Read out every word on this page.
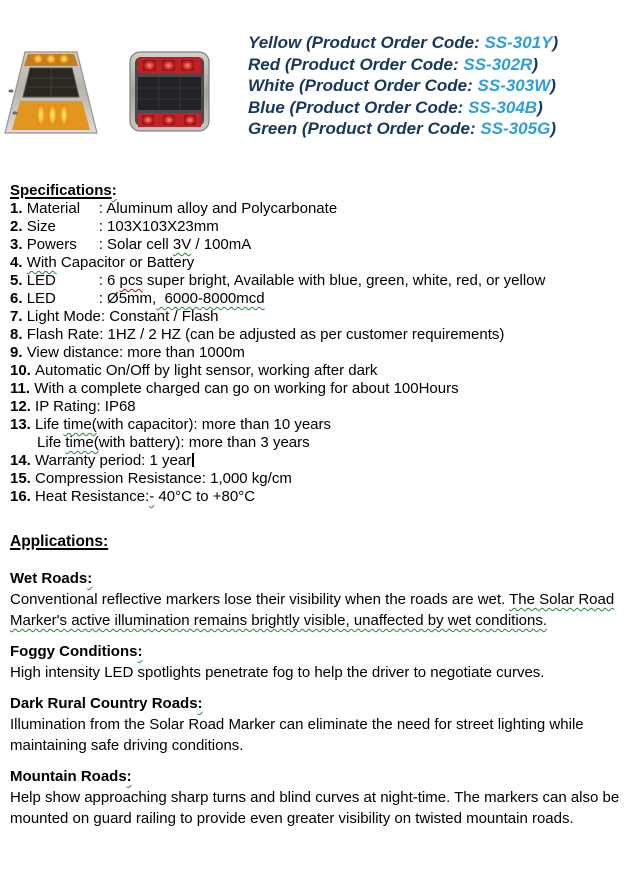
Yellow (Product Order Code: SS-301Y)
Red (Product Order Code: SS-302R)
White (Product Order Code: SS-303W)
Blue (Product Order Code: SS-304B)
Green (Product Order Code: SS-305G)
Specifications:
1. Material : Aluminum alloy and Polycarbonate
2. Size	: 103X103X23mm
3. Powers : Solar cell 3V / 100mA
4. With Capacitor or Battery
5. LED	: 6 pcs super bright, Available with blue, green, white, red, or yellow
6. LED	: Ø5mm,  6000-8000mcd
7. Light Mode: Constant / Flash
8. Flash Rate: 1HZ / 2 HZ (can be adjusted as per customer requirements)
9. View distance: more than 1000m
10. Automatic On/Off by light sensor, working after dark
11. With a complete charged can go on working for about 100Hours
12. IP Rating: IP68
13. Life time(with capacitor): more than 10 years
Life time(with battery): more than 3 years
14. Warranty period: 1 year
15. Compression Resistance: 1,000 kg/cm
16. Heat Resistance:- 40°C to +80°C
Applications:
Wet Roads:
Conventional reflective markers lose their visibility when the roads are wet. The Solar Road Marker's active illumination remains brightly visible, unaffected by wet conditions.
Foggy Conditions:
High intensity LED spotlights penetrate fog to help the driver to negotiate curves.
Dark Rural Country Roads:
Illumination from the Solar Road Marker can eliminate the need for street lighting while maintaining safe driving conditions.
Mountain Roads:
Help show approaching sharp turns and blind curves at night-time. The markers can also be mounted on guard railing to provide even greater visibility on twisted mountain roads.
